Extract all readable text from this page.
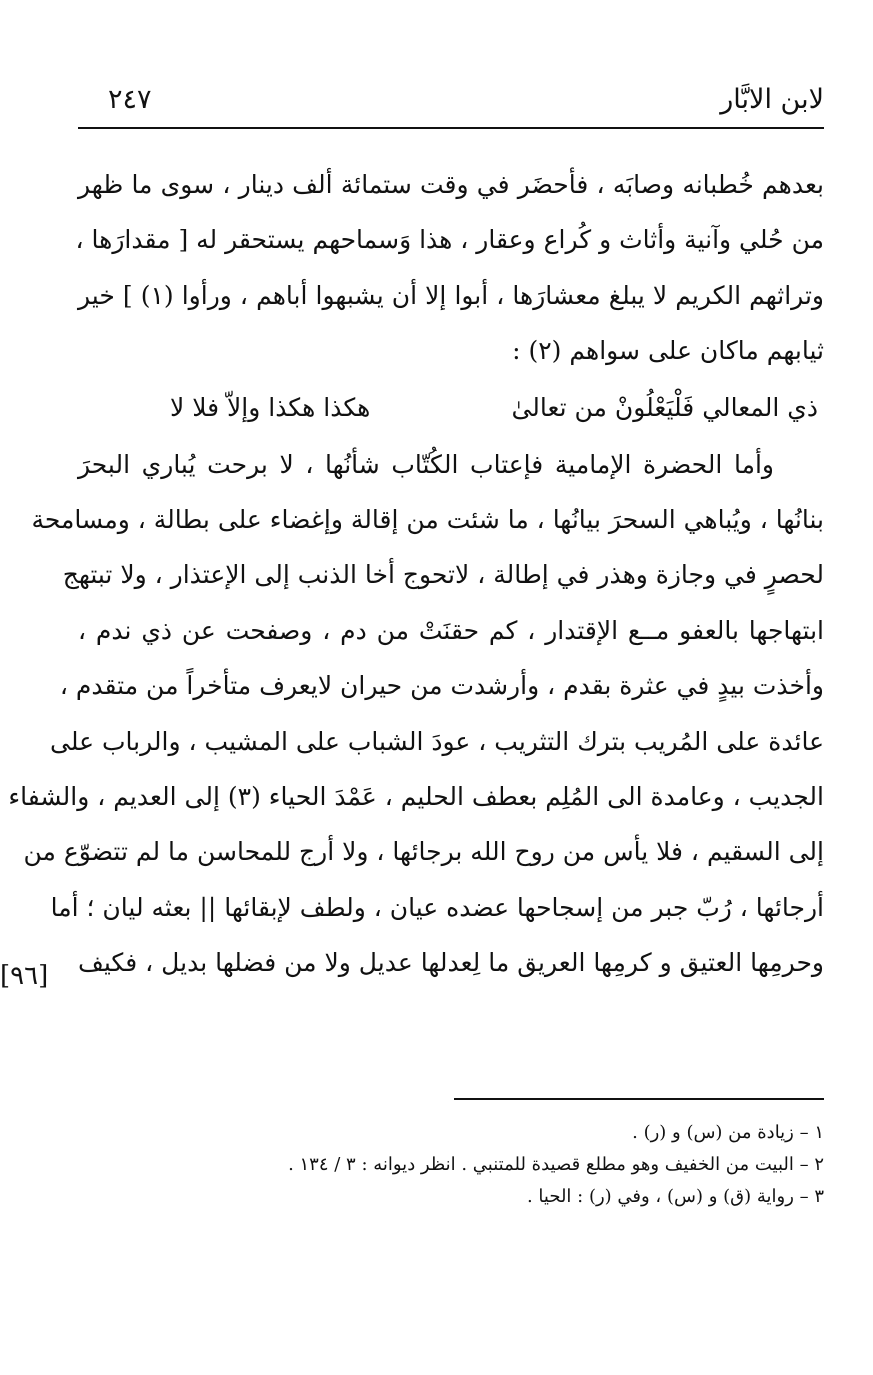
لابن الابَّار
٢٤٧
بعدهم خُطبانه وصابَه ، فأحضَر في وقت ستمائة ألف دينار ، سوى ما ظهر
من حُلي وآنية وأثاث و كُراع وعقار ، هذا وَسماحهم يستحقر له [ مقدارَها ،
وتراثهم الكريم لا يبلغ معشارَها ، أبوا إلا أن يشبهوا أباهم ، ورأوا (١) ] خير
ثيابهم ماكان على سواهم (٢) :
ذي المعالي فَلْيَعْلُونْ من تعالىٰ
هكذا هكذا وإلاّ فلا لا
وأما الحضرة الإمامية فإعتاب الكُتّاب شأنُها ، لا برحت يُباري البحرَ
بنانُها ، ويُباهي السحرَ بيانُها ، ما شئت من إقالة وإغضاء على بطالة ، ومسامحة
لحصرٍ في وجازة وهذر في إطالة ، لاتحوج أخا الذنب إلى الإعتذار ، ولا تبتهج
ابتهاجها بالعفو مــع الإقتدار ، كم حقنَتْ من دم ، وصفحت عن ذي ندم ،
وأخذت بيدٍ في عثرة بقدم ، وأرشدت من حيران لايعرف متأخراً من متقدم ،
عائدة على المُريب بترك التثريب ، عودَ الشباب على المشيب ، والرباب على
الجديب ، وعامدة الى المُلِم بعطف الحليم ، عَمْدَ الحياء (٣) إلى العديم ، والشفاء
إلى السقيم ، فلا يأس من روح الله برجائها ، ولا أرج للمحاسن ما لم تتضوّع من
أرجائها ، رُبّ جبر من إسجاحها عضده عيان ، ولطف لإبقائها || بعثه ليان ؛ أما
وحرمِها العتيق و كرمِها العريق ما لِعدلها عديل ولا من فضلها بديل ، فكيف
[٩٦]
١ – زيادة من (س) و (ر) .
٢ – البيت من الخفيف وهو مطلع قصيدة للمتنبي . انظر ديوانه : ٣ / ١٣٤ .
٣ – رواية (ق) و (س) ، وفي (ر) : الحيا .
